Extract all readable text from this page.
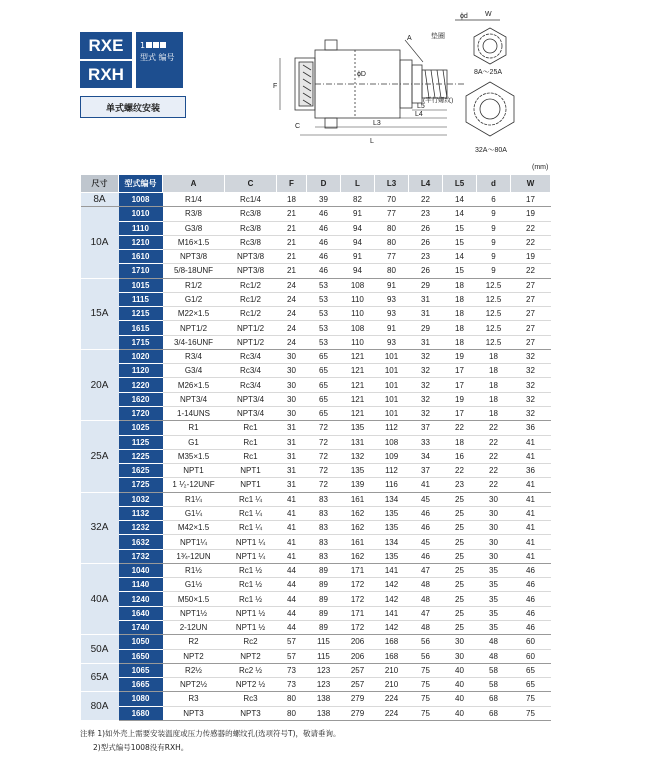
RXE
RXH
1
型式 编号
单式螺纹安装
F
ϕD
C
L5
L4
L3
L
A	垫圈
(平行螺纹)
ϕd W
8A～25A
32A～80A
(mm)
尺寸	型式编号	A	C	F	D	L	L3	L4	L5	d	W
8A	1008	R1/4	Rc1/4	18	39	82	70	22	14	6	17
10A	1010	R3/8	Rc3/8	21	46	91	77	23	14	9	19
	1110	G3/8	Rc3/8	21	46	94	80	26	15	9	22
	1210	M16×1.5	Rc3/8	21	46	94	80	26	15	9	22
	1610	NPT3/8	NPT3/8	21	46	91	77	23	14	9	19
	1710	5/8-18UNF	NPT3/8	21	46	94	80	26	15	9	22
15A	1015	R1/2	Rc1/2	24	53	108	91	29	18	12.5	27
	1115	G1/2	Rc1/2	24	53	110	93	31	18	12.5	27
	1215	M22×1.5	Rc1/2	24	53	110	93	31	18	12.5	27
	1615	NPT1/2	NPT1/2	24	53	108	91	29	18	12.5	27
	1715	3/4-16UNF	NPT1/2	24	53	110	93	31	18	12.5	27
20A	1020	R3/4	Rc3/4	30	65	121	101	32	19	18	32
	1120	G3/4	Rc3/4	30	65	121	101	32	17	18	32
	1220	M26×1.5	Rc3/4	30	65	121	101	32	17	18	32
	1620	NPT3/4	NPT3/4	30	65	121	101	32	19	18	32
	1720	1-14UNS	NPT3/4	30	65	121	101	32	17	18	32
25A	1025	R1	Rc1	31	72	135	112	37	22	22	36
	1125	G1	Rc1	31	72	131	108	33	18	22	41
	1225	M35×1.5	Rc1	31	72	132	109	34	16	22	41
	1625	NPT1	NPT1	31	72	135	112	37	22	22	36
	1725	1 ⅟₂-12UNF	NPT1	31	72	139	116	41	23	22	41
32A	1032	R1¼	Rc1 ¼	41	83	161	134	45	25	30	41
	1132	G1¼	Rc1 ¼	41	83	162	135	46	25	30	41
	1232	M42×1.5	Rc1 ¼	41	83	162	135	46	25	30	41
	1632	NPT1¼	NPT1 ¼	41	83	161	134	45	25	30	41
	1732	1¾-12UN	NPT1 ¼	41	83	162	135	46	25	30	41
40A	1040	R1½	Rc1 ½	44	89	171	141	47	25	35	46
	1140	G1½	Rc1 ½	44	89	172	142	48	25	35	46
	1240	M50×1.5	Rc1 ½	44	89	172	142	48	25	35	46
	1640	NPT1½	NPT1 ½	44	89	171	141	47	25	35	46
	1740	2-12UN	NPT1 ½	44	89	172	142	48	25	35	46
50A	1050	R2	Rc2	57	115	206	168	56	30	48	60
	1650	NPT2	NPT2	57	115	206	168	56	30	48	60
65A	1065	R2½	Rc2 ½	73	123	257	210	75	40	58	65
	1665	NPT2½	NPT2 ½	73	123	257	210	75	40	58	65
80A	1080	R3	Rc3	80	138	279	224	75	40	68	75
	1680	NPT3	NPT3	80	138	279	224	75	40	68	75
注释 1)如外壳上需要安装温度或压力传感器的螺纹孔(选项符号T)，敬请垂询。
2)型式编号1008没有RXH。
